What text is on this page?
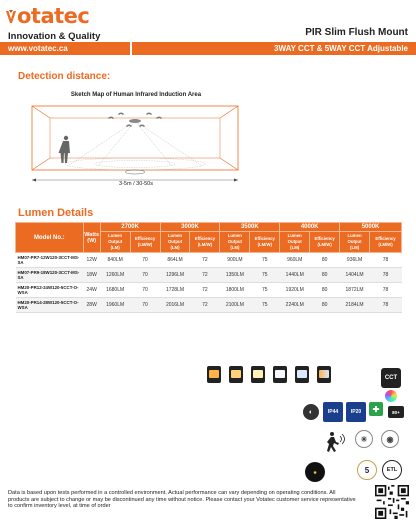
otatec
Innovation & Quality
www.votatec.ca
PIR Slim Flush Mount
3WAY CCT & 5WAY CCT Adjustable
Detection distance:
Sketch Map of Human Infrared Induction Area
3-5m / 30-50s
Lumen Details
Model No.:	Watts
(W)	2700K		3000K		3500K		4000K		5000K	
		Lumen Output
(LM)	Efficiency
(LM/W)	Lumen Output
(LM)	Efficiency
(LM/W)	Lumen Output
(LM)	Efficiency
(LM/W)	Lumen Output
(LM)	Efficiency
(LM/W)	Lumen Output
(LM)	Efficiency
(LM/W)
HM07-PR7-12W120-3CCT-MS-SA	12W	840LM	70	864LM	72	900LM	75	960LM	80	936LM	78
HM07-PR9-18W120-3CCT-MS-SA	18W	1260LM	70	1296LM	72	1350LM	75	1440LM	80	1404LM	78
HM20-PR12-24W120-5CCT-O-WSA	24W	1680LM	70	1728LM	72	1800LM	75	1920LM	80	1872LM	78
HM20-PR14-28W120-5CCT-O-WSA	28W	1960LM	70	2016LM	72	2100LM	75	2240LM	80	2184LM	78
CCT
◐	IP44	IP20	✚	80+
☀	◉
✸	5	ETL
Data is based upon tests performed in a controlled environment. Actual performance can vary depending on operating conditions. All products are subject to change or may be discontinued any time without notice. Please contact your Votatec customer service representative to confirm inventory level, at time of order
